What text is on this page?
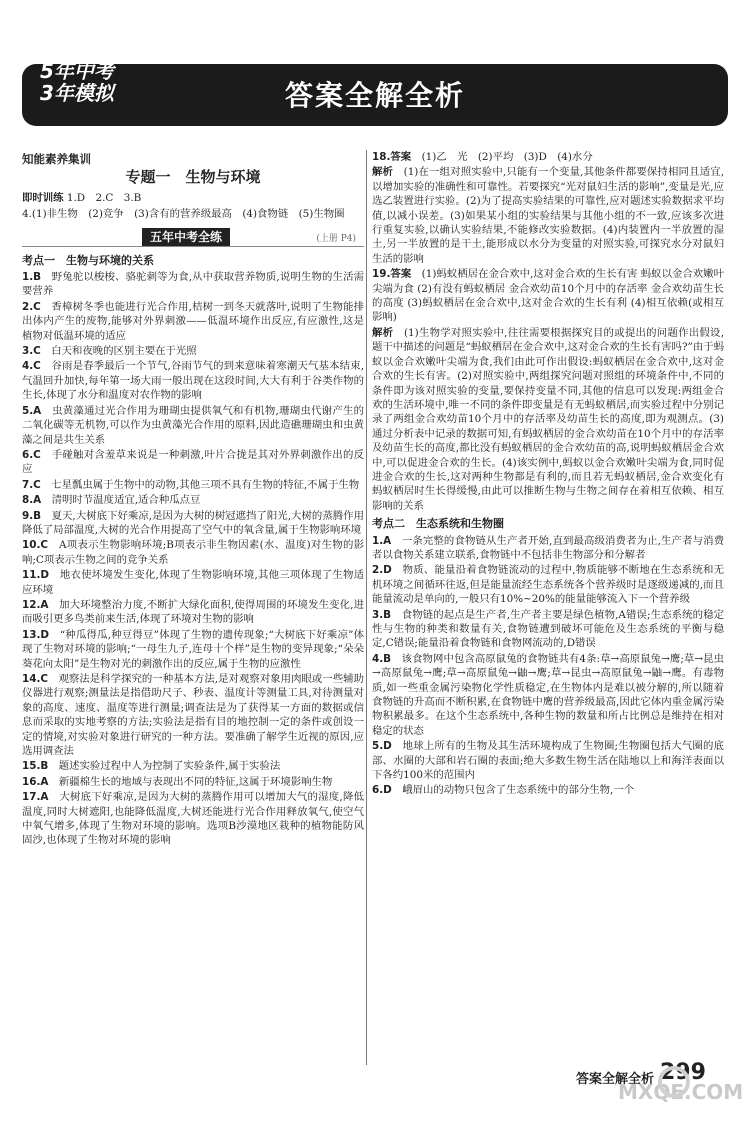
5年中考
3年模拟	答案全解全析
知能素养集训
专题一　生物与环境
即时训练 1.D　2.C　3.B
4.(1)非生物　(2)竞争　(3)含有的营养级最高　(4)食物链　(5)生物圈
五年中考全练	(上册 P4)
考点一　生物与环境的关系
1.B　 野兔驼以梭梭、骆驼刺等为食,从中获取营养物质,说明生物的生活需要营养
2.C　 香樟树冬季也能进行光合作用,桔树一到冬天就落叶,说明了生物能排出体内产生的废物,能够对外界刺激——低温环境作出反应,有应激性,这是植物对低温环境的适应
3.C　 白天和夜晚的区别主要在于光照
4.C　 谷雨是春季最后一个节气,谷雨节气的到来意味着寒潮天气基本结束,气温回升加快,每年第一场大雨一般出现在这段时间,大大有利于谷类作物的生长,体现了水分和温度对农作物的影响
5.A　 虫黄藻通过光合作用为珊瑚虫提供氧气和有机物,珊瑚虫代谢产生的二氧化碳等无机物,可以作为虫黄藻光合作用的原料,因此造礁珊瑚虫和虫黄藻之间是共生关系
6.C　 手碰触对含羞草来说是一种刺激,叶片合拢是其对外界刺激作出的反应
7.C　 七星瓢虫属于生物中的动物,其他三项不具有生物的特征,不属于生物
8.A　 清明时节温度适宜,适合种瓜点豆
9.B　 夏天,大树底下好乘凉,是因为大树的树冠遮挡了阳光,大树的蒸腾作用降低了局部温度,大树的光合作用提高了空气中的氧含量,属于生物影响环境
10.C　 A项表示生物影响环境;B项表示非生物因素(水、温度)对生物的影响;C项表示生物之间的竞争关系
11.D　 地衣使坏境发生变化,体现了生物影响环境,其他三项体现了生物适应环境
12.A　 加大环境整治力度,不断扩大绿化面积,使得周围的环境发生变化,进而吸引更多鸟类前来生活,体现了环境对生物的影响
13.D　 “种瓜得瓜,种豆得豆”体现了生物的遗传现象;“大树底下好乘凉”体现了生物对环境的影响;“一母生九子,连母十个样”是生物的变异现象;“朵朵葵花向太阳”是生物对光的刺激作出的反应,属于生物的应激性
14.C　 观察法是科学探究的一种基本方法,是对观察对象用肉眼或一些辅助仪器进行观察;测量法是指借助尺子、秒表、温度计等测量工具,对待测量对象的高度、速度、温度等进行测量;调查法是为了获得某一方面的数据或信息而采取的实地考察的方法;实验法是指有目的地控制一定的条件或创设一定的情境,对实验对象进行研究的一种方法。要准确了解学生近视的原因,应选用调查法
15.B　 题述实验过程中人为控制了实验条件,属于实验法
16.A　 新疆棉生长的地域与表现出不同的特征,这属于环境影响生物
17.A　 大树底下好乘凉,是因为大树的蒸腾作用可以增加大气的湿度,降低温度,同时大树遮阳,也能降低温度,大树还能进行光合作用释放氧气,使空气中氧气增多,体现了生物对环境的影响。选项B沙漠地区栽种的植物能防风固沙,也体现了生物对环境的影响
18.答案　 (1)乙　光　(2)平均　(3)D　(4)水分
解析　 (1)在一组对照实验中,只能有一个变量,其他条件都要保持相同且适宜,以增加实验的准确性和可靠性。若要探究“光对鼠妇生活的影响”,变量是光,应选乙装置进行实验。(2)为了提高实验结果的可靠性,应对题述实验数据求平均值,以减小误差。(3)如果某小组的实验结果与其他小组的不一致,应该多次进行重复实验,以确认实验结果,不能修改实验数据。(4)内装置内一半放置的湿土,另一半放置的是干土,能形成以水分为变量的对照实验,可探究水分对鼠妇生活的影响
19.答案　 (1)蚂蚁栖居在金合欢中,这对金合欢的生长有害 蚂蚁以金合欢嫩叶尖端为食 (2)有没有蚂蚁栖居 金合欢幼苗10个月中的存活率 金合欢幼苗生长的高度 (3)蚂蚁栖居在金合欢中,这对金合欢的生长有利 (4)相互依赖(或相互影响)
解析　 (1)生物学对照实验中,往往需要根据探究目的或提出的问题作出假设,题干中描述的问题是“蚂蚁栖居在金合欢中,这对金合欢的生长有害吗?”由于蚂蚁以金合欢嫩叶尖端为食,我们由此可作出假设:蚂蚁栖居在金合欢中,这对金合欢的生长有害。(2)对照实验中,两组探究问题对照组的环境条件中,不同的条件即为该对照实验的变量,要保持变量不同,其他的信息可以发现:两组金合欢的生活环境中,唯一不同的条件即变量是有无蚂蚁栖居,而实验过程中分别记录了两组金合欢幼苗10个月中的存活率及幼苗生长的高度,即为观测点。(3)通过分析表中记录的数据可知,有蚂蚁栖居的金合欢幼苗在10个月中的存活率及幼苗生长的高度,都比没有蚂蚁栖居的金合欢幼苗的高,说明蚂蚁栖居金合欢中,可以促进金合欢的生长。(4)该实例中,蚂蚁以金合欢嫩叶尖端为食,同时促进金合欢的生长,这对两种生物都是有利的,而且若无蚂蚁栖居,金合欢变化有蚂蚁栖居时生长得缓慢,由此可以推断生物与生物之间存在着相互依赖、相互影响的关系
考点二　生态系统和生物圈
1.A　 一条完整的食物链从生产者开始,直到最高级消费者为止,生产者与消费者以食物关系建立联系,食物链中不包括非生物部分和分解者
2.D　 物质、能量沿着食物链流动的过程中,物质能够不断地在生态系统和无机环境之间循环往返,但是能量流经生态系统各个营养级时是逐级递减的,而且能量流动是单向的,一般只有10%~20%的能量能够流入下一个营养级
3.B　 食物链的起点是生产者,生产者主要是绿色植物,A错误;生态系统的稳定性与生物的种类和数量有关,食物链遭到破坏可能危及生态系统的平衡与稳定,C错误;能量沿着食物链和食物网流动的,D错误
4.B　 该食物网中包含高原鼠兔的食物链共有4条:草→高原鼠兔→鹰;草→昆虫→高原鼠兔→鹰;草→高原鼠兔→鼬→鹰;草→昆虫→高原鼠兔→鼬→鹰。有毒物质,如一些重金属污染物化学性质稳定,在生物体内是难以被分解的,所以随着食物链的升高而不断积累,在食物链中鹰的营养级最高,因此它体内重金属污染物积累最多。在这个生态系统中,各种生物的数量和所占比例总是维持在相对稳定的状态
5.D　 地球上所有的生物及其生活环境构成了生物圈;生物圈包括大气圈的底部、水圈的大部和岩石圈的表面;绝大多数生物生活在陆地以上和海洋表面以下各约100米的范围内
6.D　 峨眉山的动物只包含了生态系统中的部分生物,一个
答案全解全析 299
MXQE.COM
